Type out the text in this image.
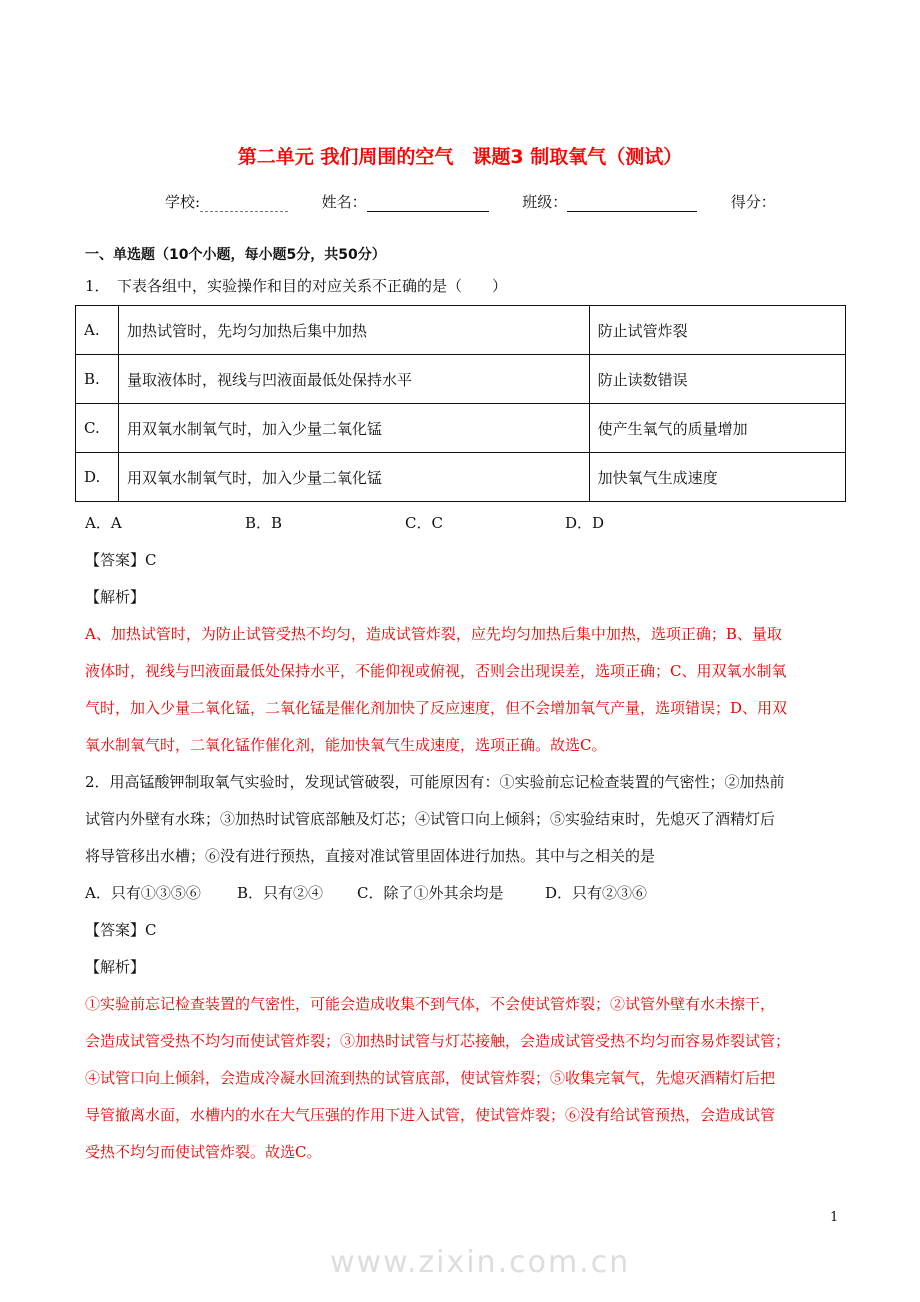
第二单元 我们周围的空气　课题3 制取氧气（测试）
学校:	姓名：	班级：	得分：
一、单选题（10个小题，每小题5分，共50分）
1．　下表各组中，实验操作和目的对应关系不正确的是（　　）
A.	加热试管时，先均匀加热后集中加热	防止试管炸裂
B.	量取液体时，视线与凹液面最低处保持水平	防止读数错误
C.	用双氧水制氧气时，加入少量二氧化锰	使产生氧气的质量增加
D.	用双氧水制氧气时，加入少量二氧化锰	加快氧气生成速度
A．A	B．B	C．C	D．D
【答案】C
【解析】
A、加热试管时，为防止试管受热不均匀，造成试管炸裂，应先均匀加热后集中加热，选项正确；B、量取
液体时，视线与凹液面最低处保持水平，不能仰视或俯视，否则会出现误差，选项正确；C、用双氧水制氧
气时，加入少量二氧化锰，二氧化锰是催化剂加快了反应速度，但不会增加氧气产量，选项错误；D、用双
氧水制氧气时，二氧化锰作催化剂，能加快氧气生成速度，选项正确。故选C。
2．用高锰酸钾制取氧气实验时，发现试管破裂，可能原因有：①实验前忘记检查装置的气密性；②加热前
试管内外壁有水珠；③加热时试管底部触及灯芯；④试管口向上倾斜；⑤实验结束时，先熄灭了酒精灯后
将导管移出水槽；⑥没有进行预热，直接对准试管里固体进行加热。其中与之相关的是
A．只有①③⑤⑥ B．只有②④ C．除了①外其余均是	D．只有②③⑥
【答案】C
【解析】
①实验前忘记检查装置的气密性，可能会造成收集不到气体，不会使试管炸裂；②试管外壁有水未擦干，
会造成试管受热不均匀而使试管炸裂；③加热时试管与灯芯接触，会造成试管受热不均匀而容易炸裂试管；
④试管口向上倾斜，会造成冷凝水回流到热的试管底部，使试管炸裂；⑤收集完氧气，先熄灭酒精灯后把
导管撤离水面，水槽内的水在大气压强的作用下进入试管，使试管炸裂；⑥没有给试管预热，会造成试管
受热不均匀而使试管炸裂。故选C。
1
www.zixin.com.cn
